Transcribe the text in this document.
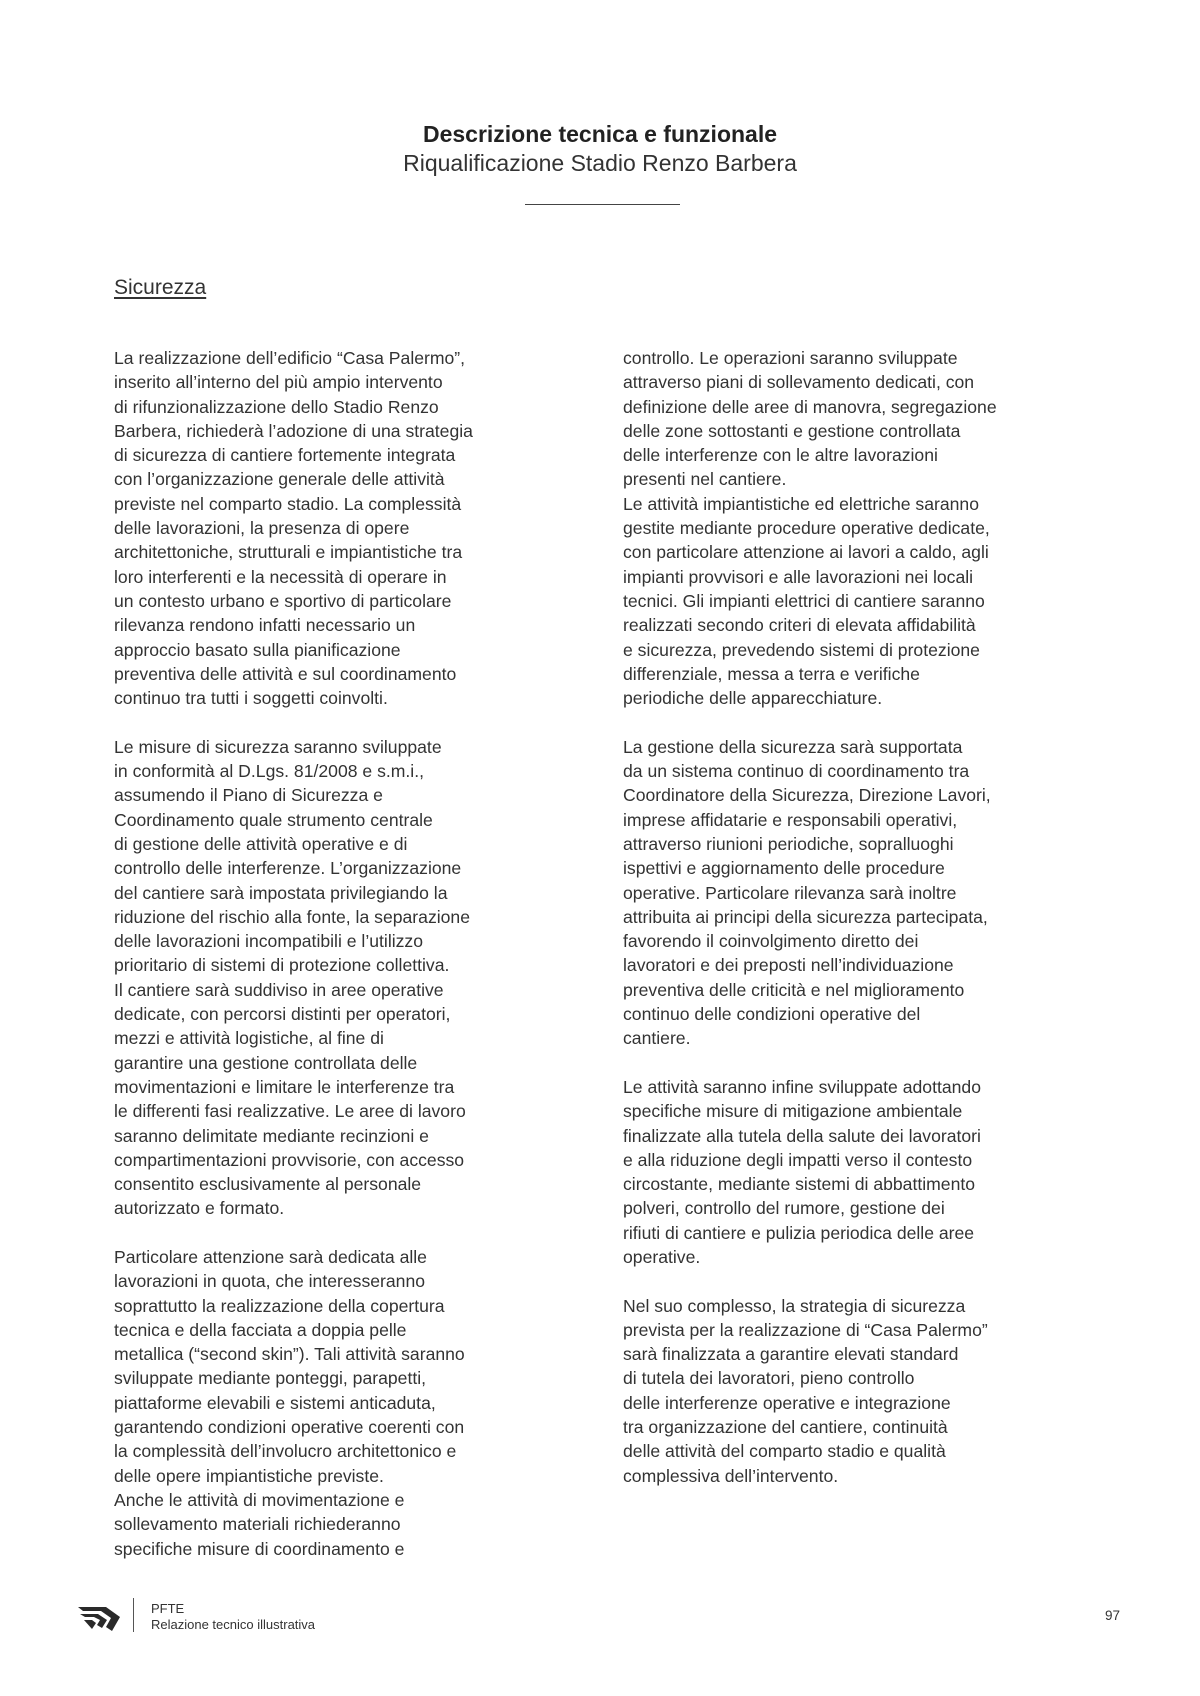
Descrizione tecnica e funzionale
Riqualificazione Stadio Renzo Barbera
Sicurezza

La realizzazione dell’edificio “Casa Palermo”,
inserito all’interno del più ampio intervento
di rifunzionalizzazione dello Stadio Renzo
Barbera, richiederà l’adozione di una strategia
di sicurezza di cantiere fortemente integrata
con l’organizzazione generale delle attività
previste nel comparto stadio. La complessità
delle lavorazioni, la presenza di opere
architettoniche, strutturali e impiantistiche tra
loro interferenti e la necessità di operare in
un contesto urbano e sportivo di particolare
rilevanza rendono infatti necessario un
approccio basato sulla pianificazione
preventiva delle attività e sul coordinamento
continuo tra tutti i soggetti coinvolti.

Le misure di sicurezza saranno sviluppate
in conformità al D.Lgs. 81/2008 e s.m.i.,
assumendo il Piano di Sicurezza e
Coordinamento quale strumento centrale
di gestione delle attività operative e di
controllo delle interferenze. L’organizzazione
del cantiere sarà impostata privilegiando la
riduzione del rischio alla fonte, la separazione
delle lavorazioni incompatibili e l’utilizzo
prioritario di sistemi di protezione collettiva.
Il cantiere sarà suddiviso in aree operative
dedicate, con percorsi distinti per operatori,
mezzi e attività logistiche, al fine di
garantire una gestione controllata delle
movimentazioni e limitare le interferenze tra
le differenti fasi realizzative. Le aree di lavoro
saranno delimitate mediante recinzioni e
compartimentazioni provvisorie, con accesso
consentito esclusivamente al personale
autorizzato e formato.

Particolare attenzione sarà dedicata alle
lavorazioni in quota, che interesseranno
soprattutto la realizzazione della copertura
tecnica e della facciata a doppia pelle
metallica (“second skin”). Tali attività saranno
sviluppate mediante ponteggi, parapetti,
piattaforme elevabili e sistemi anticaduta,
garantendo condizioni operative coerenti con
la complessità dell’involucro architettonico e
delle opere impiantistiche previste.
Anche le attività di movimentazione e
sollevamento materiali richiederanno
specifiche misure di coordinamento e

controllo. Le operazioni saranno sviluppate
attraverso piani di sollevamento dedicati, con
definizione delle aree di manovra, segregazione
delle zone sottostanti e gestione controllata
delle interferenze con le altre lavorazioni
presenti nel cantiere.
Le attività impiantistiche ed elettriche saranno
gestite mediante procedure operative dedicate,
con particolare attenzione ai lavori a caldo, agli
impianti provvisori e alle lavorazioni nei locali
tecnici. Gli impianti elettrici di cantiere saranno
realizzati secondo criteri di elevata affidabilità
e sicurezza, prevedendo sistemi di protezione
differenziale, messa a terra e verifiche
periodiche delle apparecchiature.

La gestione della sicurezza sarà supportata
da un sistema continuo di coordinamento tra
Coordinatore della Sicurezza, Direzione Lavori,
imprese affidatarie e responsabili operativi,
attraverso riunioni periodiche, sopralluoghi
ispettivi e aggiornamento delle procedure
operative. Particolare rilevanza sarà inoltre
attribuita ai principi della sicurezza partecipata,
favorendo il coinvolgimento diretto dei
lavoratori e dei preposti nell’individuazione
preventiva delle criticità e nel miglioramento
continuo delle condizioni operative del
cantiere.

Le attività saranno infine sviluppate adottando
specifiche misure di mitigazione ambientale
finalizzate alla tutela della salute dei lavoratori
e alla riduzione degli impatti verso il contesto
circostante, mediante sistemi di abbattimento
polveri, controllo del rumore, gestione dei
rifiuti di cantiere e pulizia periodica delle aree
operative.

Nel suo complesso, la strategia di sicurezza
prevista per la realizzazione di “Casa Palermo”
sarà finalizzata a garantire elevati standard
di tutela dei lavoratori, pieno controllo
delle interferenze operative e integrazione
tra organizzazione del cantiere, continuità
delle attività del comparto stadio e qualità
complessiva dell’intervento.

PFTE
Relazione tecnico illustrativa
97
